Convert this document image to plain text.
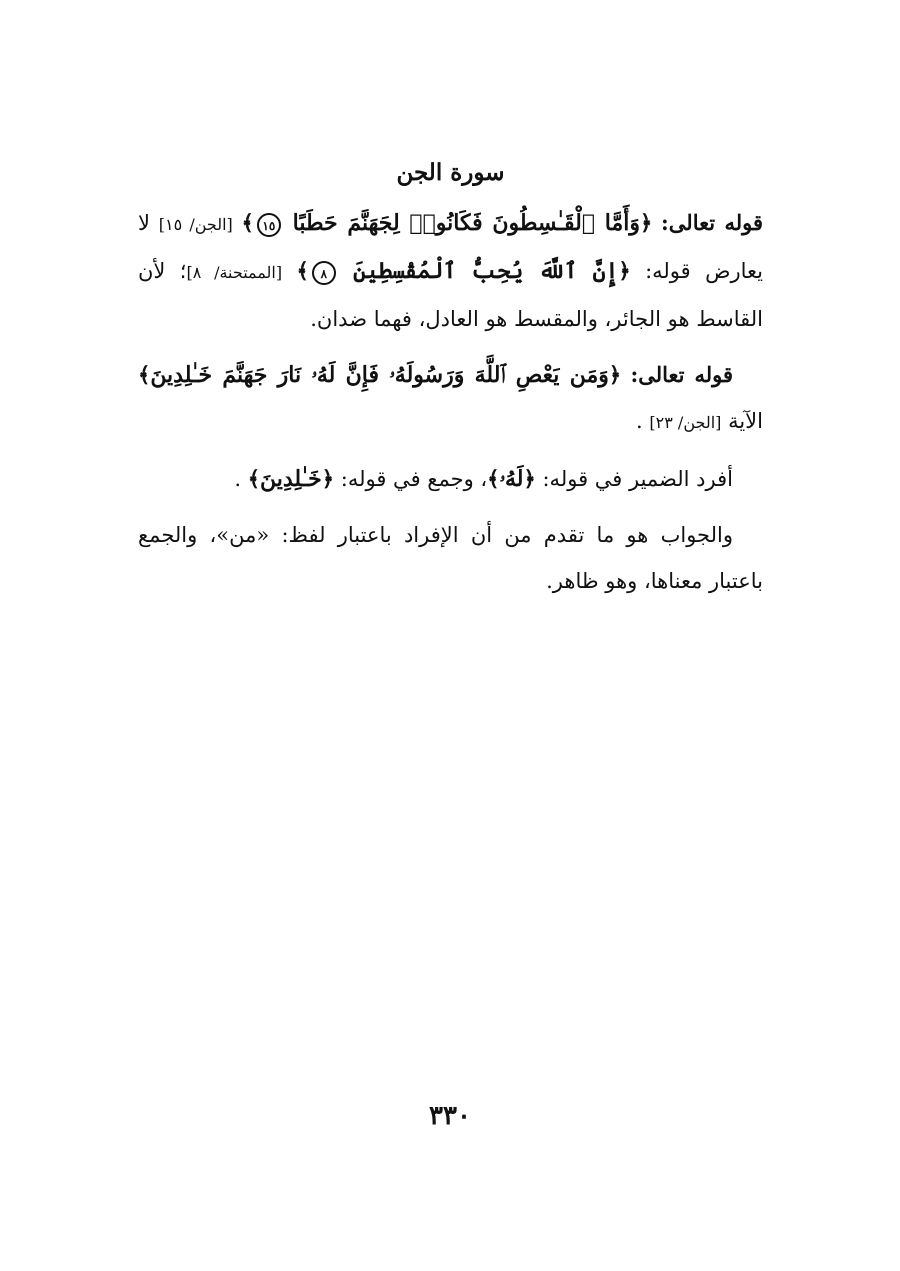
سورة الجن

قوله تعالى: ﴿وَأَمَّا ٱلْقَـٰسِطُونَ فَكَانُوا۟ لِجَهَنَّمَ حَطَبًا ١٥﴾ [الجن/ ١٥] لا يعارض قوله: ﴿إِنَّ ٱللَّهَ يُحِبُّ ٱلْمُقْسِطِينَ ٨﴾ [الممتحنة/ ٨]؛ لأن القاسط هو الجائر، والمقسط هو العادل، فهما ضدان.

قوله تعالى: ﴿وَمَن يَعْصِ ٱللَّهَ وَرَسُولَهُۥ فَإِنَّ لَهُۥ نَارَ جَهَنَّمَ خَـٰلِدِينَ﴾ الآية [الجن/ ٢٣] .

أفرد الضمير في قوله: ﴿لَهُۥ﴾، وجمع في قوله: ﴿خَـٰلِدِينَ﴾ .

والجواب هو ما تقدم من أن الإفراد باعتبار لفظ: «من»، والجمع باعتبار معناها، وهو ظاهر.

٣٣٠
